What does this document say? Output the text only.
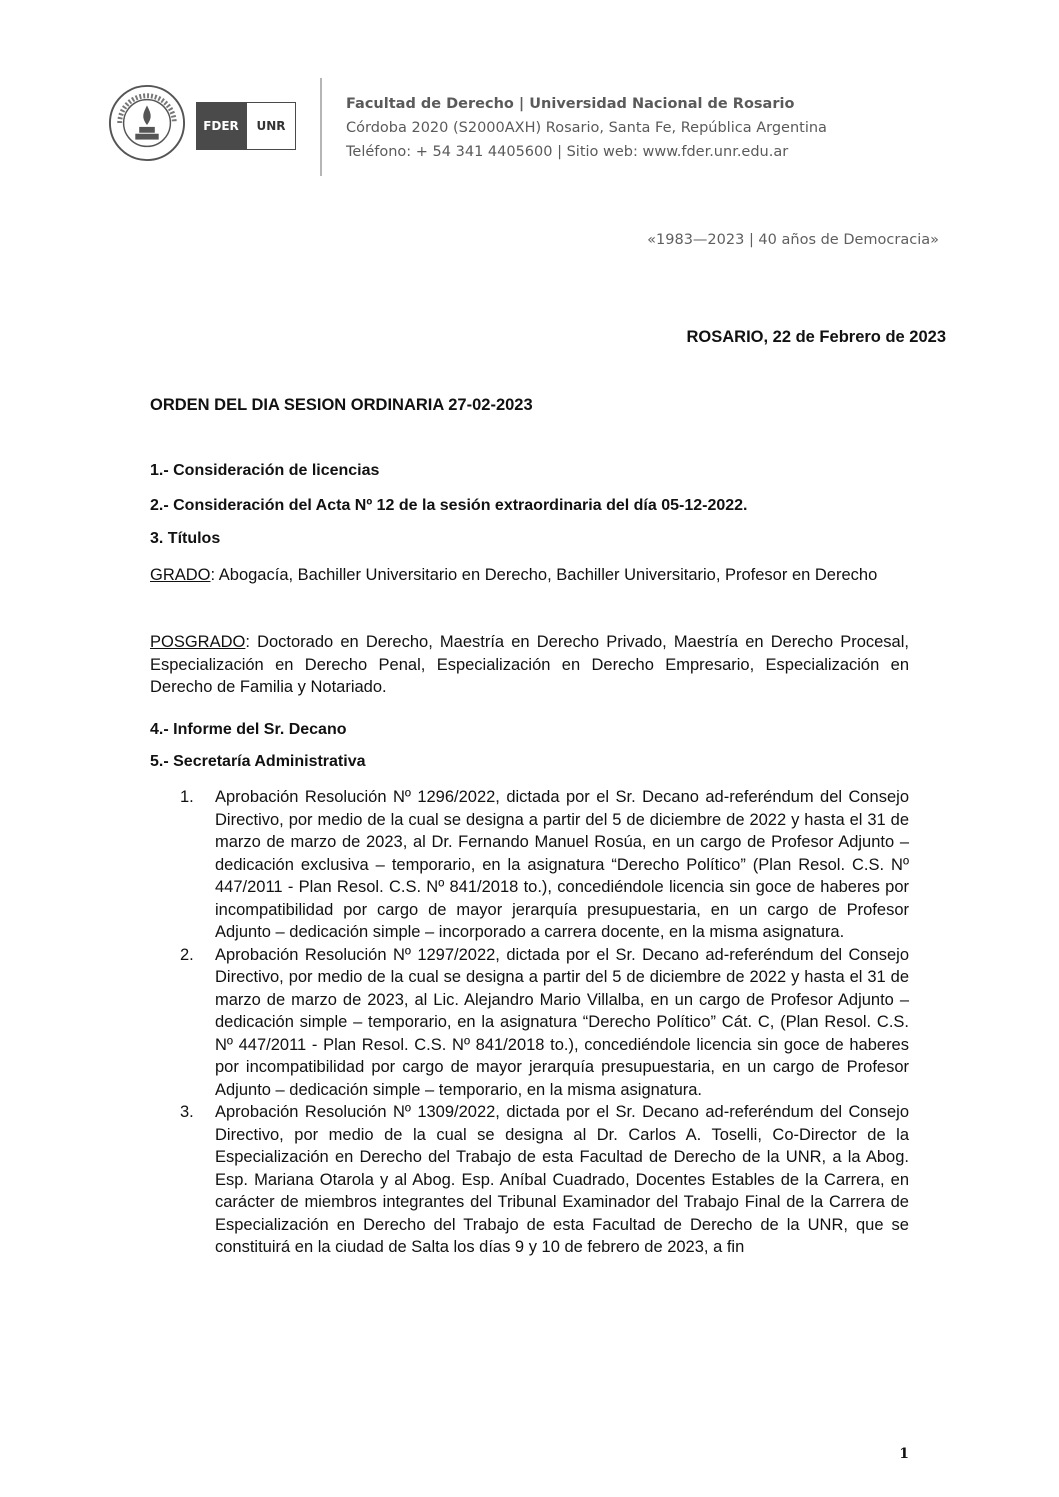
FDER	UNR
Facultad de Derecho | Universidad Nacional de Rosario
Córdoba 2020 (S2000AXH) Rosario, Santa Fe, República Argentina
Teléfono: + 54 341 4405600 | Sitio web: www.fder.unr.edu.ar
«1983—2023 | 40 años de Democracia»
ROSARIO, 22 de Febrero de 2023
ORDEN DEL DIA SESION ORDINARIA 27-02-2023
1.- Consideración de licencias
2.- Consideración del Acta Nº 12 de la sesión extraordinaria del día 05-12-2022.
3. Títulos
GRADO: Abogacía, Bachiller Universitario en Derecho, Bachiller Universitario, Profesor en Derecho
POSGRADO: Doctorado en Derecho, Maestría en Derecho Privado, Maestría en Derecho Procesal, Especialización en Derecho Penal, Especialización en Derecho Empresario, Especialización en Derecho de Familia y Notariado.
4.- Informe del Sr. Decano
5.- Secretaría Administrativa
1. Aprobación Resolución Nº 1296/2022, dictada por el Sr. Decano ad-referéndum del Consejo Directivo, por medio de la cual se designa a partir del 5 de diciembre de 2022 y hasta el 31 de marzo de marzo de 2023, al Dr. Fernando Manuel Rosúa, en un cargo de Profesor Adjunto – dedicación exclusiva – temporario, en la asignatura “Derecho Político” (Plan Resol. C.S. Nº 447/2011 - Plan Resol. C.S. Nº 841/2018 to.), concediéndole licencia sin goce de haberes por incompatibilidad por cargo de mayor jerarquía presupuestaria, en un cargo de Profesor Adjunto – dedicación simple – incorporado a carrera docente, en la misma asignatura.
2. Aprobación Resolución Nº 1297/2022, dictada por el Sr. Decano ad-referéndum del Consejo Directivo, por medio de la cual se designa a partir del 5 de diciembre de 2022 y hasta el 31 de marzo de marzo de 2023, al Lic. Alejandro Mario Villalba, en un cargo de Profesor Adjunto – dedicación simple – temporario, en la asignatura “Derecho Político” Cát. C, (Plan Resol. C.S. Nº 447/2011 - Plan Resol. C.S. Nº 841/2018 to.), concediéndole licencia sin goce de haberes por incompatibilidad por cargo de mayor jerarquía presupuestaria, en un cargo de Profesor Adjunto – dedicación simple – temporario, en la misma asignatura.
3. Aprobación Resolución Nº 1309/2022, dictada por el Sr. Decano ad-referéndum del Consejo Directivo, por medio de la cual se designa al Dr. Carlos A. Toselli, Co-Director de la Especialización en Derecho del Trabajo de esta Facultad de Derecho de la UNR, a la Abog. Esp. Mariana Otarola y al Abog. Esp. Aníbal Cuadrado, Docentes Estables de la Carrera, en carácter de miembros integrantes del Tribunal Examinador del Trabajo Final de la Carrera de Especialización en Derecho del Trabajo de esta Facultad de Derecho de la UNR, que se constituirá en la ciudad de Salta los días 9 y 10 de febrero de 2023, a fin
1
